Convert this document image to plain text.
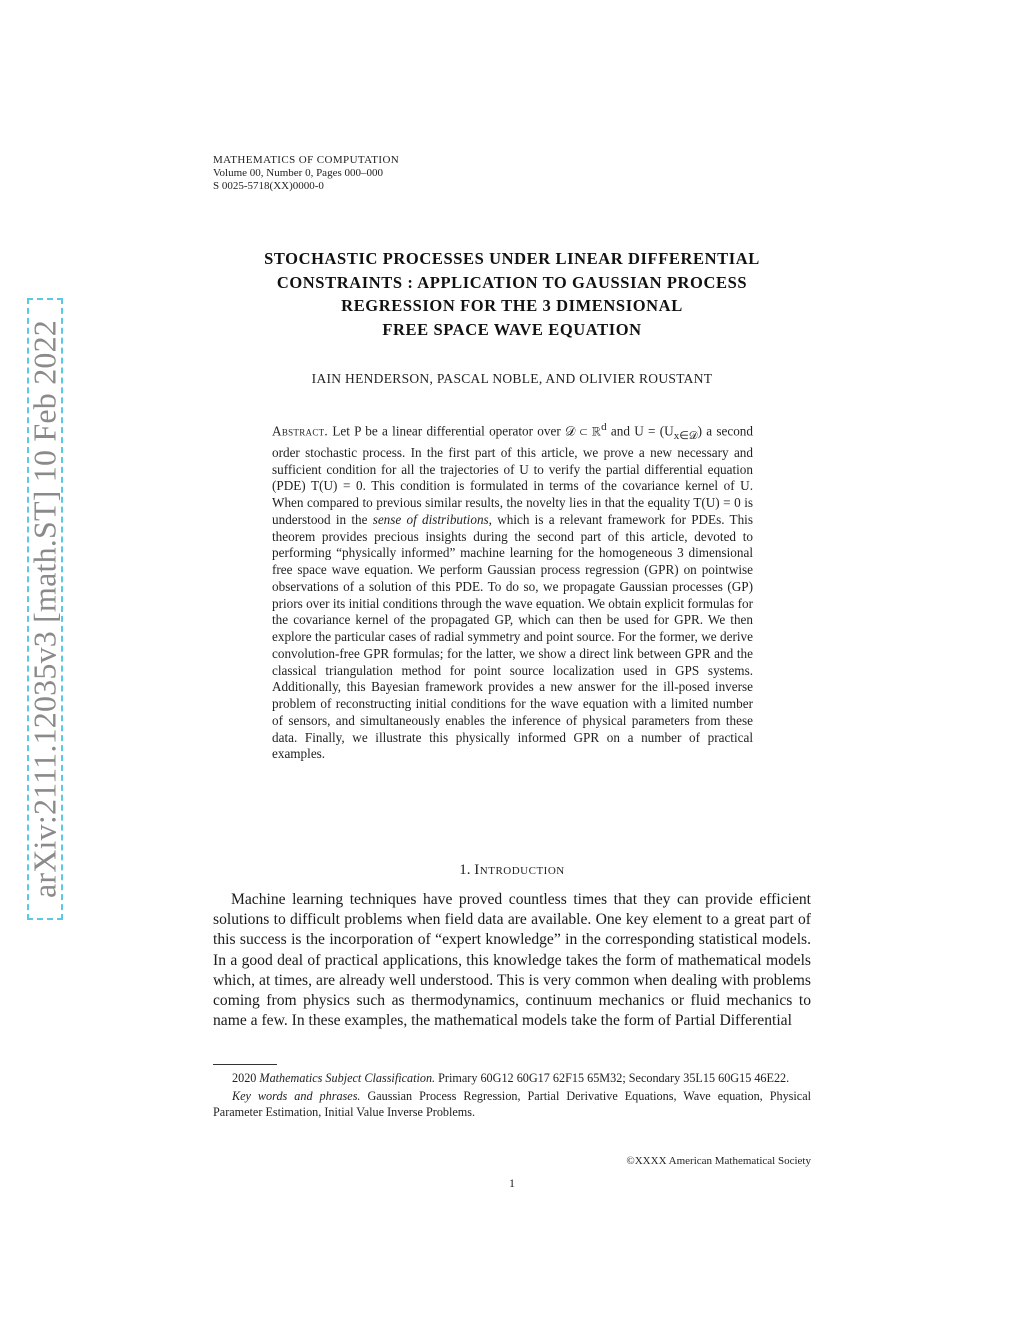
arXiv:2111.12035v3 [math.ST] 10 Feb 2022
MATHEMATICS OF COMPUTATION
Volume 00, Number 0, Pages 000–000
S 0025-5718(XX)0000-0
STOCHASTIC PROCESSES UNDER LINEAR DIFFERENTIAL
CONSTRAINTS : APPLICATION TO GAUSSIAN PROCESS
REGRESSION FOR THE 3 DIMENSIONAL
FREE SPACE WAVE EQUATION
IAIN HENDERSON, PASCAL NOBLE, AND OLIVIER ROUSTANT
Abstract. Let P be a linear differential operator over 𝒟 ⊂ ℝ$^d$ and $U = (U_{x\in 𝒟})$ a second order stochastic process. In the first part of this article, we prove a new necessary and sufficient condition for all the trajectories of U to verify the partial differential equation (PDE) T(U) = 0. This condition is formulated in terms of the covariance kernel of U. When compared to previous similar results, the novelty lies in that the equality T(U) = 0 is understood in the sense of distributions, which is a relevant framework for PDEs. This theorem provides precious insights during the second part of this article, devoted to performing “physically informed” machine learning for the homogeneous 3 dimensional free space wave equation. We perform Gaussian process regression (GPR) on pointwise observations of a solution of this PDE. To do so, we propagate Gaussian processes (GP) priors over its initial conditions through the wave equation. We obtain explicit formulas for the covariance kernel of the propagated GP, which can then be used for GPR. We then explore the particular cases of radial symmetry and point source. For the former, we derive convolution-free GPR formulas; for the latter, we show a direct link between GPR and the classical triangulation method for point source localization used in GPS systems. Additionally, this Bayesian framework provides a new answer for the ill-posed inverse problem of reconstructing initial conditions for the wave equation with a limited number of sensors, and simultaneously enables the inference of physical parameters from these data. Finally, we illustrate this physically informed GPR on a number of practical examples.
1. Introduction
Machine learning techniques have proved countless times that they can provide efficient solutions to difficult problems when field data are available. One key element to a great part of this success is the incorporation of “expert knowledge” in the corresponding statistical models. In a good deal of practical applications, this knowledge takes the form of mathematical models which, at times, are already well understood. This is very common when dealing with problems coming from physics such as thermodynamics, continuum mechanics or fluid mechanics to name a few. In these examples, the mathematical models take the form of Partial Differential

2020 Mathematics Subject Classification. Primary 60G12 60G17 62F15 65M32; Secondary 35L15 60G15 46E22.

Key words and phrases. Gaussian Process Regression, Partial Derivative Equations, Wave equation, Physical Parameter Estimation, Initial Value Inverse Problems.

©XXXX American Mathematical Society
1
